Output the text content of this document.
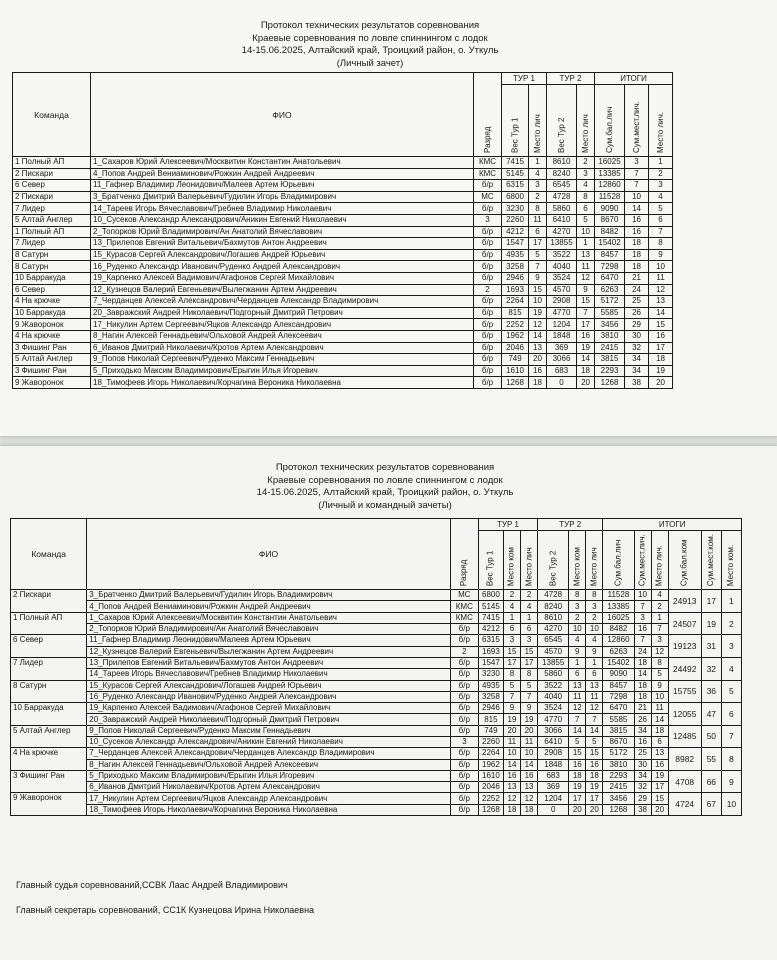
Протокол технических результатов соревнования
Краевые соревнования по ловле спиннингом с лодок
14-15.06.2025, Алтайский край, Троицкий район, о. Уткуль
(Личный зачет)
Команда	ФИО	Разряд	ТУР 1		ТУР 2		ИТОГИ		
			Вес Тур 1	Место лич	Вес Тур 2	Место лич	Сум.бал.лич	Сум.мест.лич.	Место лич.
1 Полный АП	1_Сахаров Юрий Алексеевич/Москвитин Константин Анатольевич	КМС	7415	1	8610	2	16025	3	1
2 Пискари	4_Попов Андрей Вениаминович/Рожкин Андрей Андреевич	КМС	5145	4	8240	3	13385	7	2
6 Север	11_Гафнер Владимир Леонидович/Малеев Артем Юрьевич	б/р	6315	3	6545	4	12860	7	3
2 Пискари	3_Братченко Дмитрий Валерьевич/Гудилин Игорь Владимирович	МС	6800	2	4728	8	11528	10	4
7 Лидер	14_Тареев Игорь Вячеславович/Гребнев Владимир Николаевич	б/р	3230	8	5860	6	9090	14	5
5 Алтай Англер	10_Сусеков Александр Александрович/Аникин Евгений Николаевич	3	2260	11	6410	5	8670	16	6
1 Полный АП	2_Топорков Юрий Владимирович/Ан Анатолий Вячеславович	б/р	4212	6	4270	10	8482	16	7
7 Лидер	13_Прилепов Евгений Витальевич/Бахмутов Антон Андреевич	б/р	1547	17	13855	1	15402	18	8
8 Сатурн	15_Курасов Сергей Александрович/Логашев Андрей Юрьевич	б/р	4935	5	3522	13	8457	18	9
8 Сатурн	16_Руденко Александр Иванович/Руденко Андрей Александрович	б/р	3258	7	4040	11	7298	18	10
10 Барракуда	19_Карпенко Алексей Вадимович/Агафонов Сергей Михайлович	б/р	2946	9	3524	12	6470	21	11
6 Север	12_Кузнецов Валерий Евгеньевич/Вылегжанин Артем Андреевич	2	1693	15	4570	9	6263	24	12
4 На крючке	7_Черданцев Алексей Александрович/Черданцев Александр Владимирович	б/р	2264	10	2908	15	5172	25	13
10 Барракуда	20_Завражский Андрей Николаевич/Подгорный Дмитрий Петрович	б/р	815	19	4770	7	5585	26	14
9 Жаворонок	17_Никулин Артем Сергеевич/Яцков Александр Александрович	б/р	2252	12	1204	17	3456	29	15
4 На крючке	8_Нагин Алексей Геннадьевич/Ольховой Андрей Алексеевич	б/р	1962	14	1848	16	3810	30	16
3 Фишинг Ран	6_Иванов Дмитрий Николаевич/Кротов Артем Александрович	б/р	2046	13	369	19	2415	32	17
5 Алтай Англер	9_Попов Николай Сергеевич/Руденко Максим Геннадьевич	б/р	749	20	3066	14	3815	34	18
3 Фишинг Ран	5_Приходько Максим Владимирович/Ерыгин Илья Игоревич	б/р	1610	16	683	18	2293	34	19
9 Жаворонок	18_Тимофеев Игорь Николаевич/Корчагина Вероника Николаевна	б/р	1268	18	0	20	1268	38	20
Протокол технических результатов соревнования
Краевые соревнования по ловле спиннингом с лодок
14-15.06.2025, Алтайский край, Троицкий район, о. Уткуль
(Личный и командный зачеты)
Команда	ФИО	Разряд	ТУР 1			ТУР 2			ИТОГИ					
			Вес Тур 1	Место ком	Место лич	Вес Тур 2	Место ком	Место лич	Сум.бал.лич	Сум.мест.лич.	Место лич.	Сум.бал.ком	Сум.мест.ком.	Место ком.
2 Пискари	3_Братченко Дмитрий Валерьевич/Гудилин Игорь Владимирович	МС	6800	2	2	4728	8	8	11528	10	4	24913	17	1
	4_Попов Андрей Вениаминович/Рожкин Андрей Андреевич	КМС	5145	4	4	8240	3	3	13385	7	2			
1 Полный АП	1_Сахаров Юрий Алексеевич/Москвитин Константин Анатольевич	КМС	7415	1	1	8610	2	2	16025	3	1	24507	19	2
	2_Топорков Юрий Владимирович/Ан Анатолий Вячеславович	б/р	4212	6	6	4270	10	10	8482	16	7			
6 Север	11_Гафнер Владимир Леонидович/Малеев Артем Юрьевич	б/р	6315	3	3	6545	4	4	12860	7	3	19123	31	3
	12_Кузнецов Валерий Евгеньевич/Вылегжанин Артем Андреевич	2	1693	15	15	4570	9	9	6263	24	12			
7 Лидер	13_Прилепов Евгений Витальевич/Бахмутов Антон Андреевич	б/р	1547	17	17	13855	1	1	15402	18	8	24492	32	4
	14_Тареев Игорь Вячеславович/Гребнев Владимир Николаевич	б/р	3230	8	8	5860	6	6	9090	14	5			
8 Сатурн	15_Курасов Сергей Александрович/Логашев Андрей Юрьевич	б/р	4935	5	5	3522	13	13	8457	18	9	15755	36	5
	16_Руденко Александр Иванович/Руденко Андрей Александрович	б/р	3258	7	7	4040	11	11	7298	18	10			
10 Барракуда	19_Карпенко Алексей Вадимович/Агафонов Сергей Михайлович	б/р	2946	9	9	3524	12	12	6470	21	11	12055	47	6
	20_Завражский Андрей Николаевич/Подгорный Дмитрий Петрович	б/р	815	19	19	4770	7	7	5585	26	14			
5 Алтай Англер	9_Попов Николай Сергеевич/Руденко Максим Геннадьевич	б/р	749	20	20	3066	14	14	3815	34	18	12485	50	7
	10_Сусеков Александр Александрович/Аникин Евгений Николаевич	3	2260	11	11	6410	5	5	8670	16	6			
4 На крючке	7_Черданцев Алексей Александрович/Черданцев Александр Владимирович	б/р	2264	10	10	2908	15	15	5172	25	13	8982	55	8
	8_Нагин Алексей Геннадьевич/Ольховой Андрей Алексеевич	б/р	1962	14	14	1848	16	16	3810	30	16			
3 Фишинг Ран	5_Приходько Максим Владимирович/Ерыгин Илья Игоревич	б/р	1610	16	16	683	18	18	2293	34	19	4708	66	9
	6_Иванов Дмитрий Николаевич/Кротов Артем Александрович	б/р	2046	13	13	369	19	19	2415	32	17			
9 Жаворонок	17_Никулин Артем Сергеевич/Яцков Александр Александрович	б/р	2252	12	12	1204	17	17	3456	29	15	4724	67	10
	18_Тимофеев Игорь Николаевич/Корчагина Вероника Николаевна	б/р	1268	18	18	0	20	20	1268	38	20			
Главный судья соревнований,ССВК Лаас Андрей Владимирович
Главный секретарь соревнований, СС1К Кузнецова Ирина Николаевна
